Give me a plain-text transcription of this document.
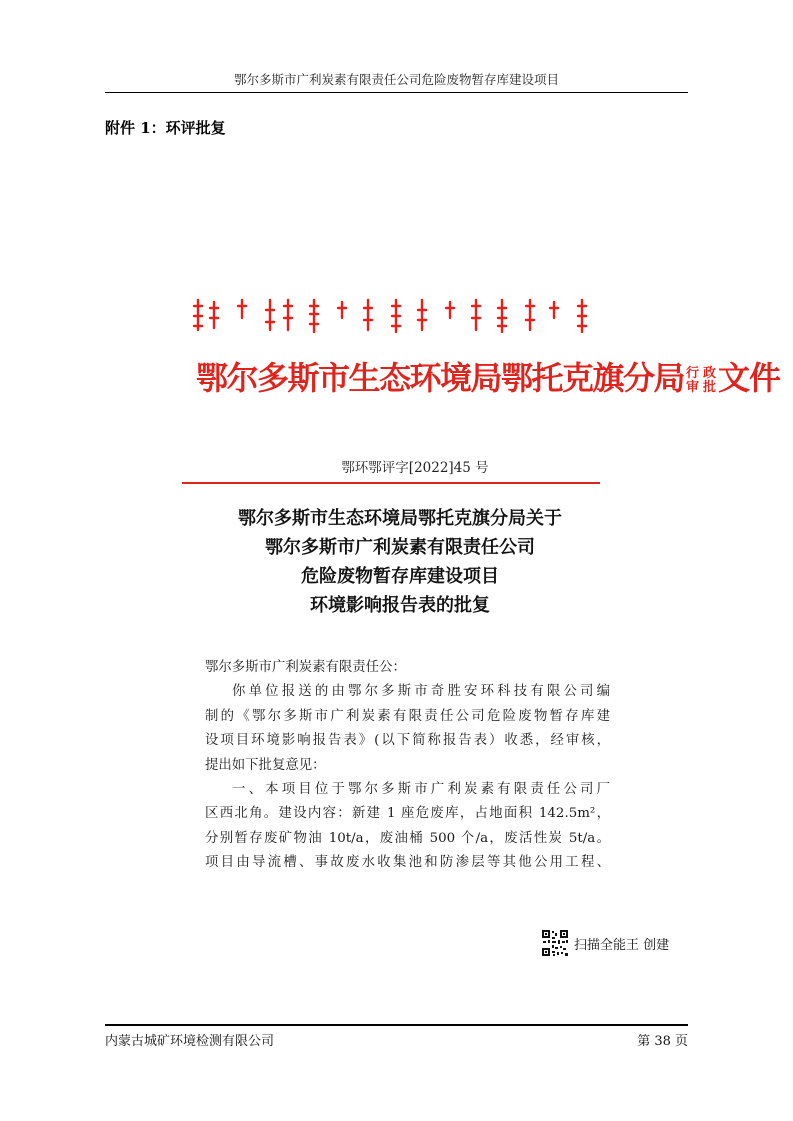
鄂尔多斯市广利炭素有限责任公司危险废物暂存库建设项目
附件 1：环评批复
鄂尔多斯市生态环境局鄂托克旗分局 行
审
政
批 文件
鄂环鄂评字[2022]45 号
鄂尔多斯市生态环境局鄂托克旗分局关于
鄂尔多斯市广利炭素有限责任公司
危险废物暂存库建设项目
环境影响报告表的批复
鄂尔多斯市广利炭素有限责任公：
你单位报送的由鄂尔多斯市奇胜安环科技有限公司编
制的《鄂尔多斯市广利炭素有限责任公司危险废物暂存库建
设项目环境影响报告表》(以下简称报告表）收悉，经审核，
提出如下批复意见：
一、本项目位于鄂尔多斯市广利炭素有限责任公司厂
区西北角。建设内容：新建 1 座危废库，占地面积 142.5m²，
分别暂存废矿物油 10t/a，废油桶 500 个/a，废活性炭 5t/a。
项目由导流槽、事故废水收集池和防渗层等其他公用工程、
扫描全能王 创建
内蒙古城矿环境检测有限公司	第 38 页
